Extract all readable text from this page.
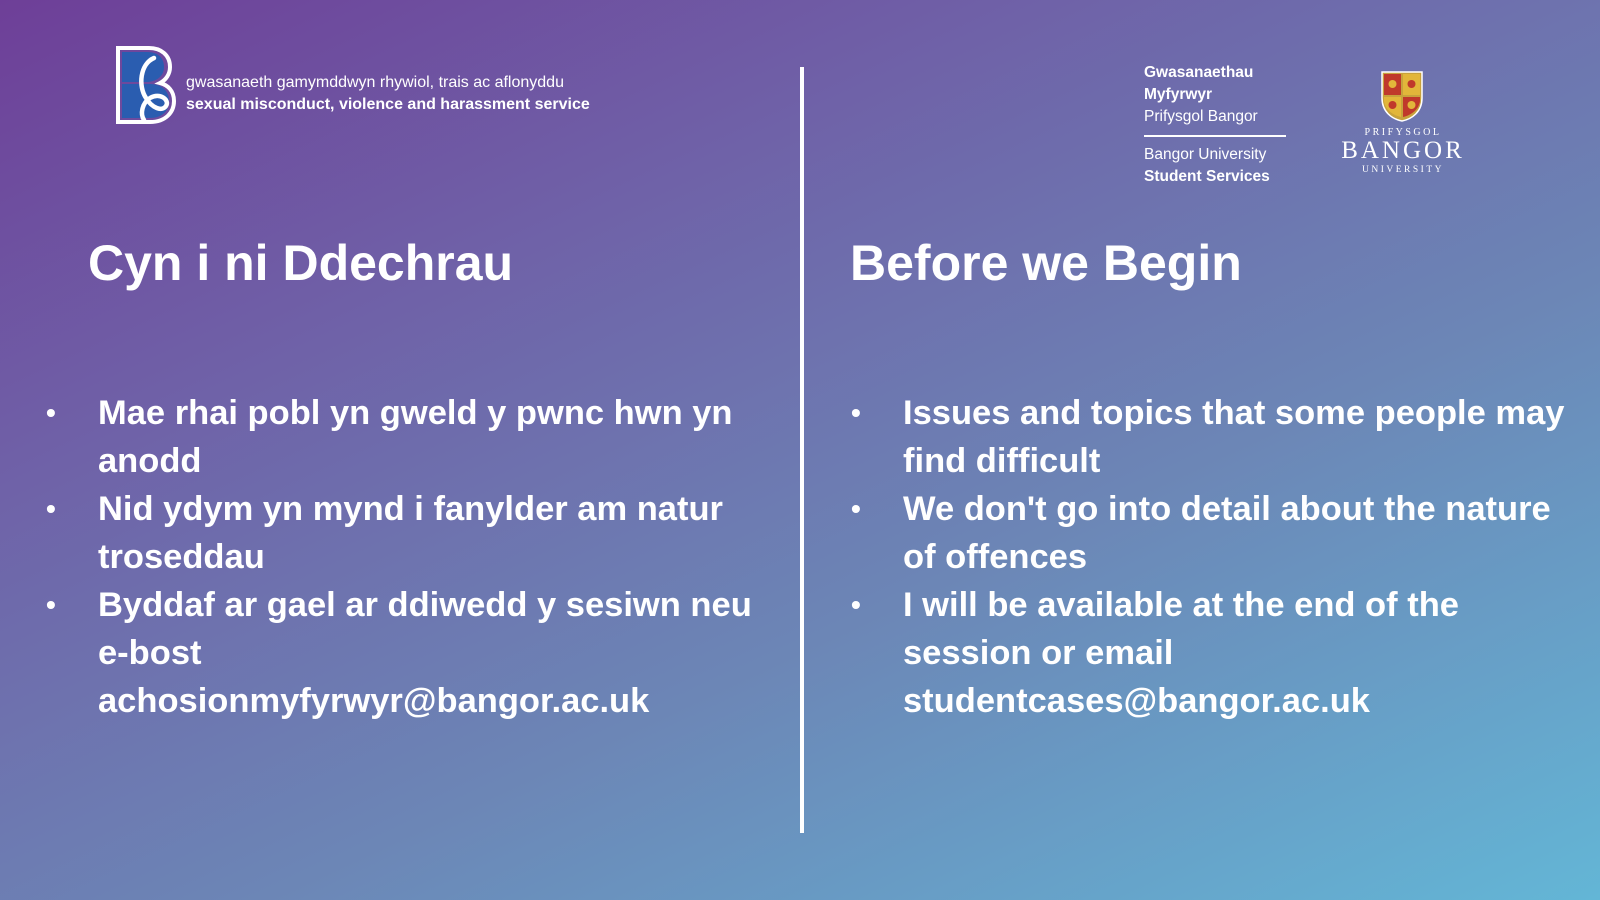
gwasanaeth gamymddwyn rhywiol, trais ac aflonyddu
sexual misconduct, violence and harassment service
Gwasanaethau
Myfyrwyr
Prifysgol Bangor
Bangor University
Student Services
PRIFYSGOL
BANGOR
UNIVERSITY
Cyn i ni Ddechrau	Before we Begin
• Mae rhai pobl yn gweld y pwnc hwn yn anodd
• Nid ydym yn mynd i fanylder am natur troseddau
• Byddaf ar gael ar ddiwedd y sesiwn neu e-bost achosionmyfyrwyr@bangor.ac.uk
• Issues and topics that some people may find difficult
• We don't go into detail about the nature of offences
• I will be available at the end of the session or email studentcases@bangor.ac.uk
